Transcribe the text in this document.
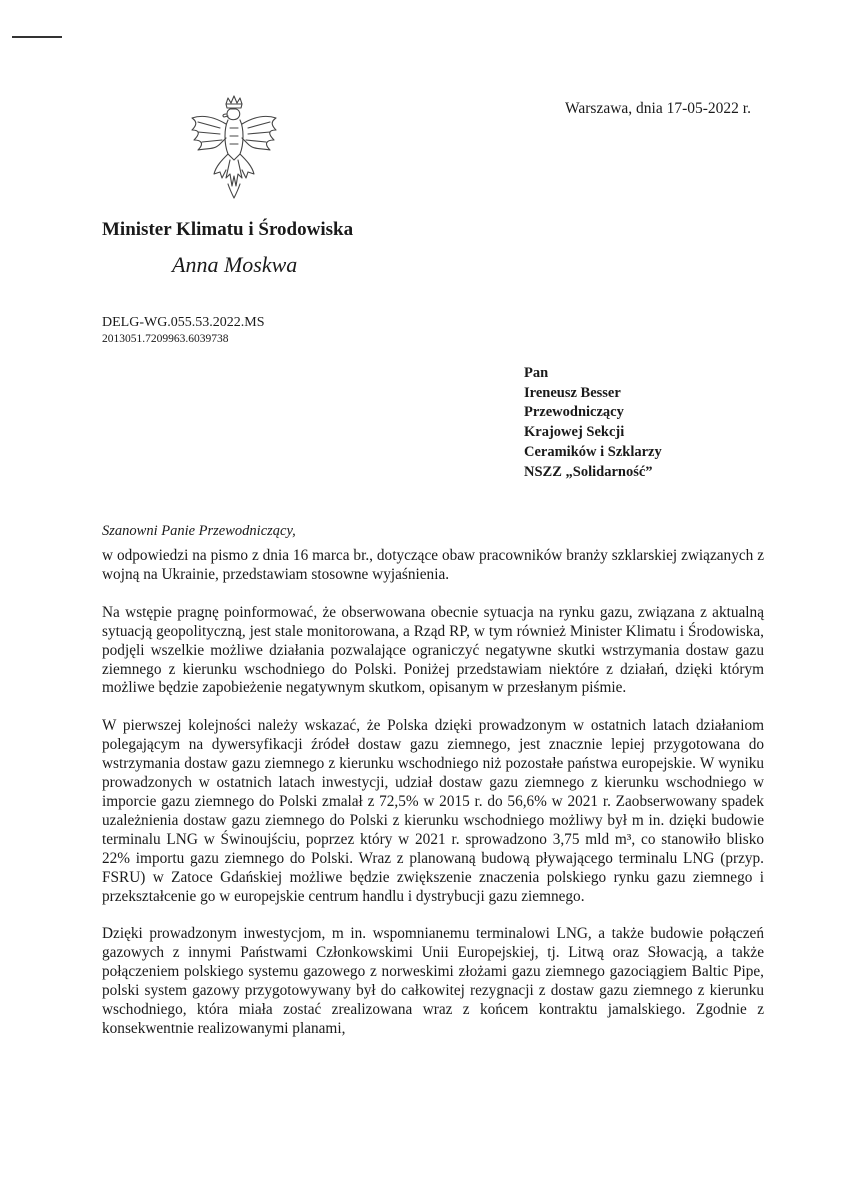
Warszawa, dnia 17-05-2022 r.
Minister Klimatu i Środowiska
Anna Moskwa
DELG-WG.055.53.2022.MS
2013051.7209963.6039738
Pan
Ireneusz Besser
Przewodniczący
Krajowej Sekcji
Ceramików i Szklarzy
NSZZ „Solidarność”
Szanowni Panie Przewodniczący,

w odpowiedzi na pismo z dnia 16 marca br., dotyczące obaw pracowników branży szklarskiej związanych z wojną na Ukrainie, przedstawiam stosowne wyjaśnienia.

Na wstępie pragnę poinformować, że obserwowana obecnie sytuacja na rynku gazu, związana z aktualną sytuacją geopolityczną, jest stale monitorowana, a Rząd RP, w tym również Minister Klimatu i Środowiska, podjęli wszelkie możliwe działania pozwalające ograniczyć negatywne skutki wstrzymania dostaw gazu ziemnego z kierunku wschodniego do Polski. Poniżej przedstawiam niektóre z działań, dzięki którym możliwe będzie zapobieżenie negatywnym skutkom, opisanym w przesłanym piśmie.

W pierwszej kolejności należy wskazać, że Polska dzięki prowadzonym w ostatnich latach działaniom polegającym na dywersyfikacji źródeł dostaw gazu ziemnego, jest znacznie lepiej przygotowana do wstrzymania dostaw gazu ziemnego z kierunku wschodniego niż pozostałe państwa europejskie. W wyniku prowadzonych w ostatnich latach inwestycji, udział dostaw gazu ziemnego z kierunku wschodniego w imporcie gazu ziemnego do Polski zmalał z 72,5% w 2015 r. do 56,6% w 2021 r. Zaobserwowany spadek uzależnienia dostaw gazu ziemnego do Polski z kierunku wschodniego możliwy był m in. dzięki budowie terminalu LNG w Świnoujściu, poprzez który w 2021 r. sprowadzono 3,75 mld m³, co stanowiło blisko 22% importu gazu ziemnego do Polski. Wraz z planowaną budową pływającego terminalu LNG (przyp. FSRU) w Zatoce Gdańskiej możliwe będzie zwiększenie znaczenia polskiego rynku gazu ziemnego i przekształcenie go w europejskie centrum handlu i dystrybucji gazu ziemnego.

Dzięki prowadzonym inwestycjom, m in. wspomnianemu terminalowi LNG, a także budowie połączeń gazowych z innymi Państwami Członkowskimi Unii Europejskiej, tj. Litwą oraz Słowacją, a także połączeniem polskiego systemu gazowego z norweskimi złożami gazu ziemnego gazociągiem Baltic Pipe, polski system gazowy przygotowywany był do całkowitej rezygnacji z dostaw gazu ziemnego z kierunku wschodniego, która miała zostać zrealizowana wraz z końcem kontraktu jamalskiego. Zgodnie z konsekwentnie realizowanymi planami,
